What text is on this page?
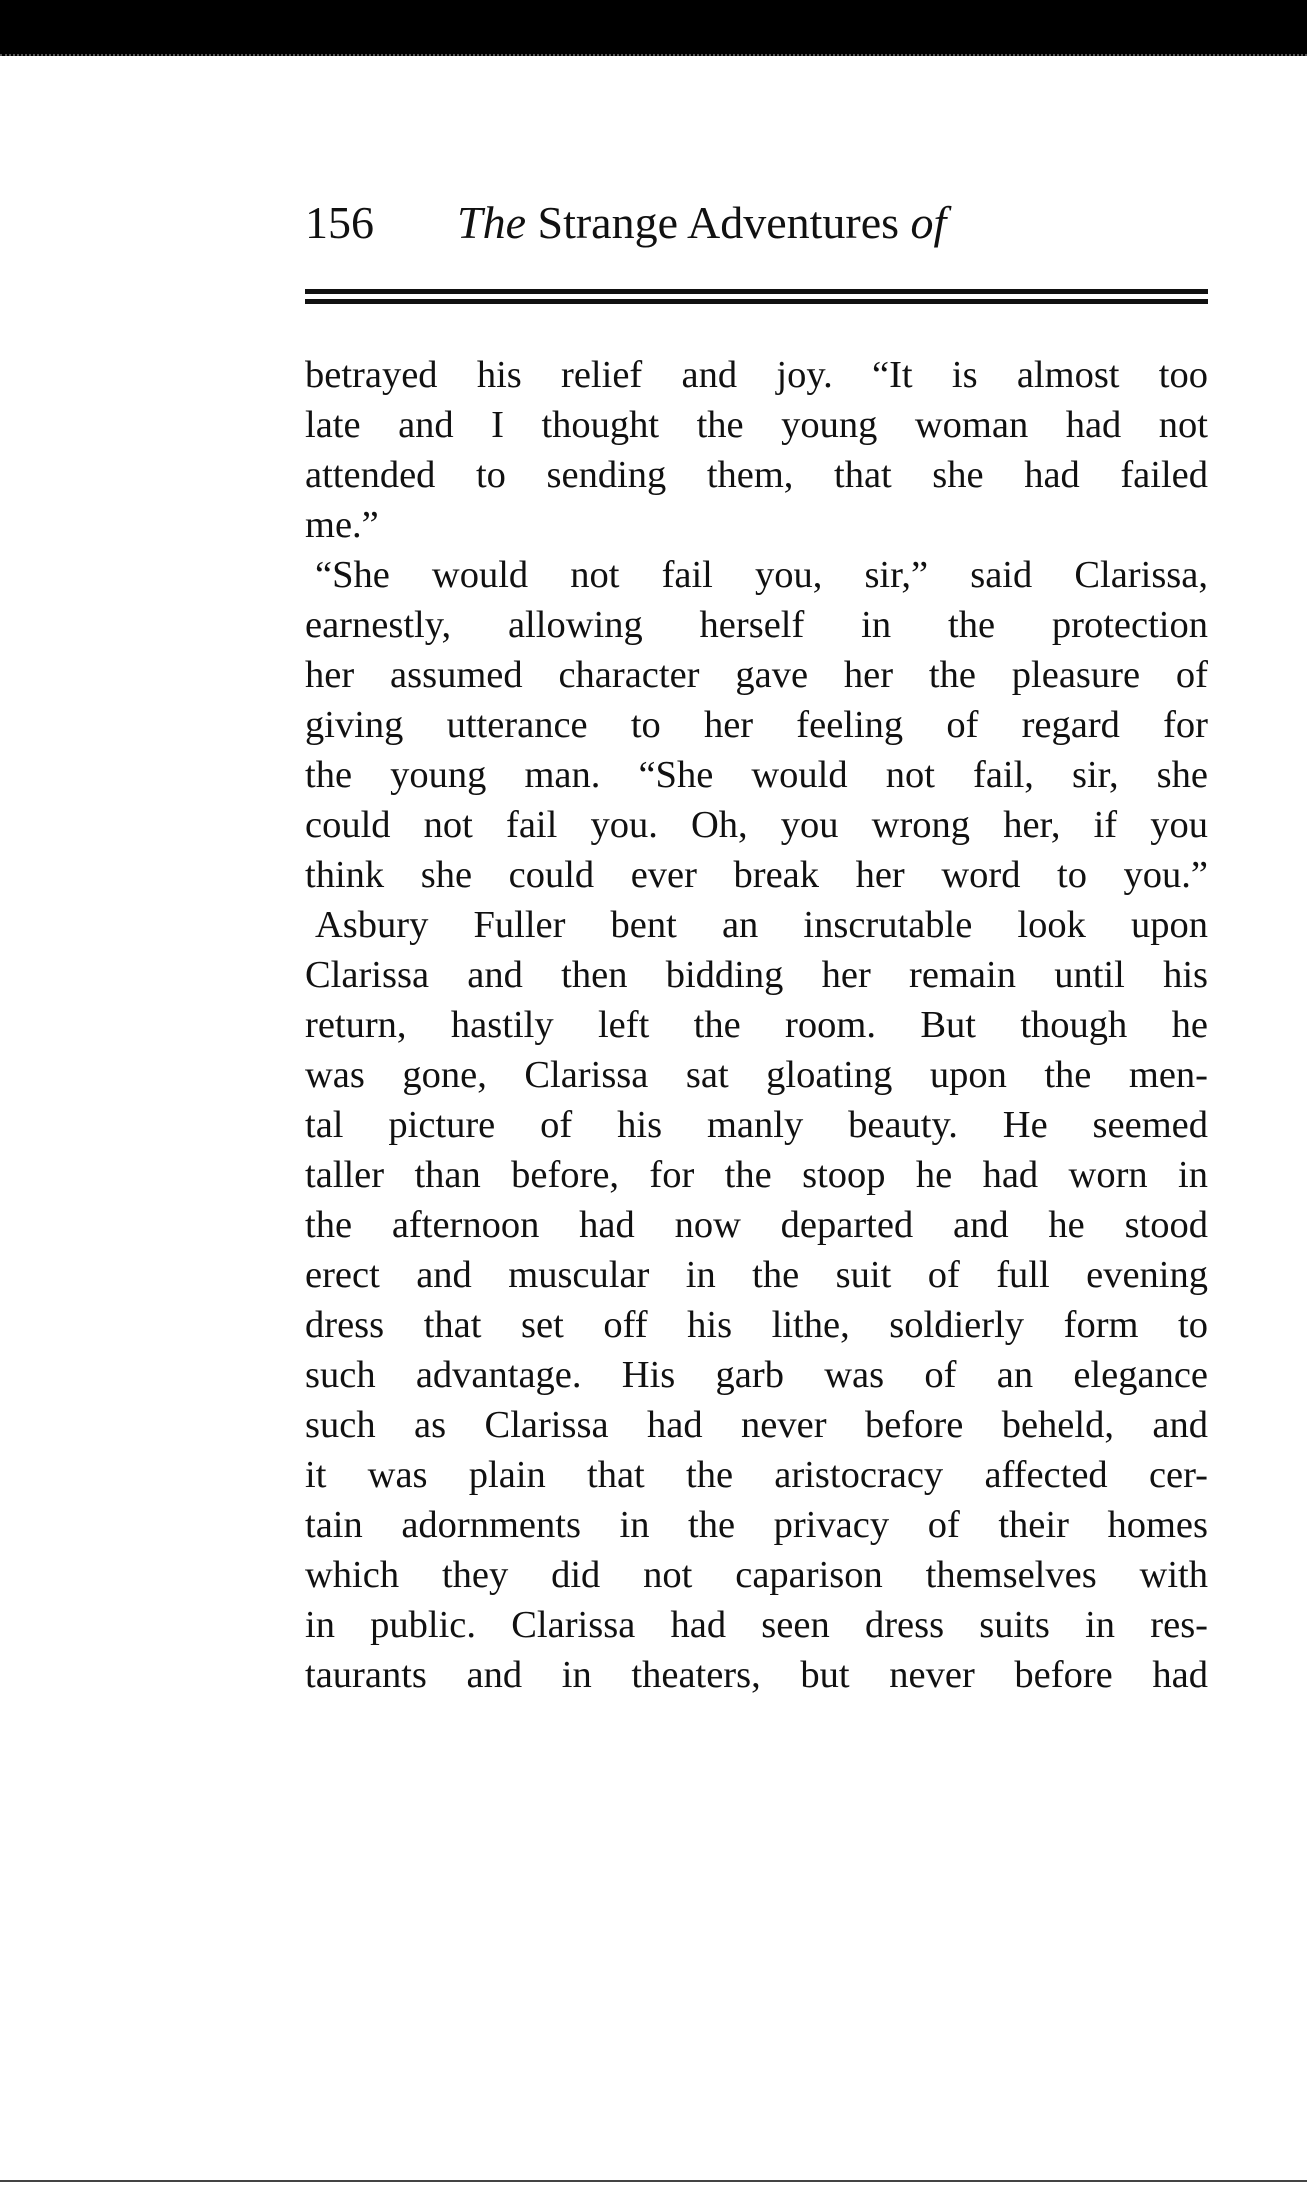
156 The Strange Adventures of
betrayed his relief and joy. “It is almost too
late and I thought the young woman had not
attended to sending them, that she had failed
me.”
“She would not fail you, sir,” said Clarissa,
earnestly, allowing herself in the protection
her assumed character gave her the pleasure of
giving utterance to her feeling of regard for
the young man. “She would not fail, sir, she
could not fail you. Oh, you wrong her, if you
think she could ever break her word to you.”
Asbury Fuller bent an inscrutable look upon
Clarissa and then bidding her remain until his
return, hastily left the room. But though he
was gone, Clarissa sat gloating upon the men-
tal picture of his manly beauty. He seemed
taller than before, for the stoop he had worn in
the afternoon had now departed and he stood
erect and muscular in the suit of full evening
dress that set off his lithe, soldierly form to
such advantage. His garb was of an elegance
such as Clarissa had never before beheld, and
it was plain that the aristocracy affected cer-
tain adornments in the privacy of their homes
which they did not caparison themselves with
in public. Clarissa had seen dress suits in res-
taurants and in theaters, but never before had
